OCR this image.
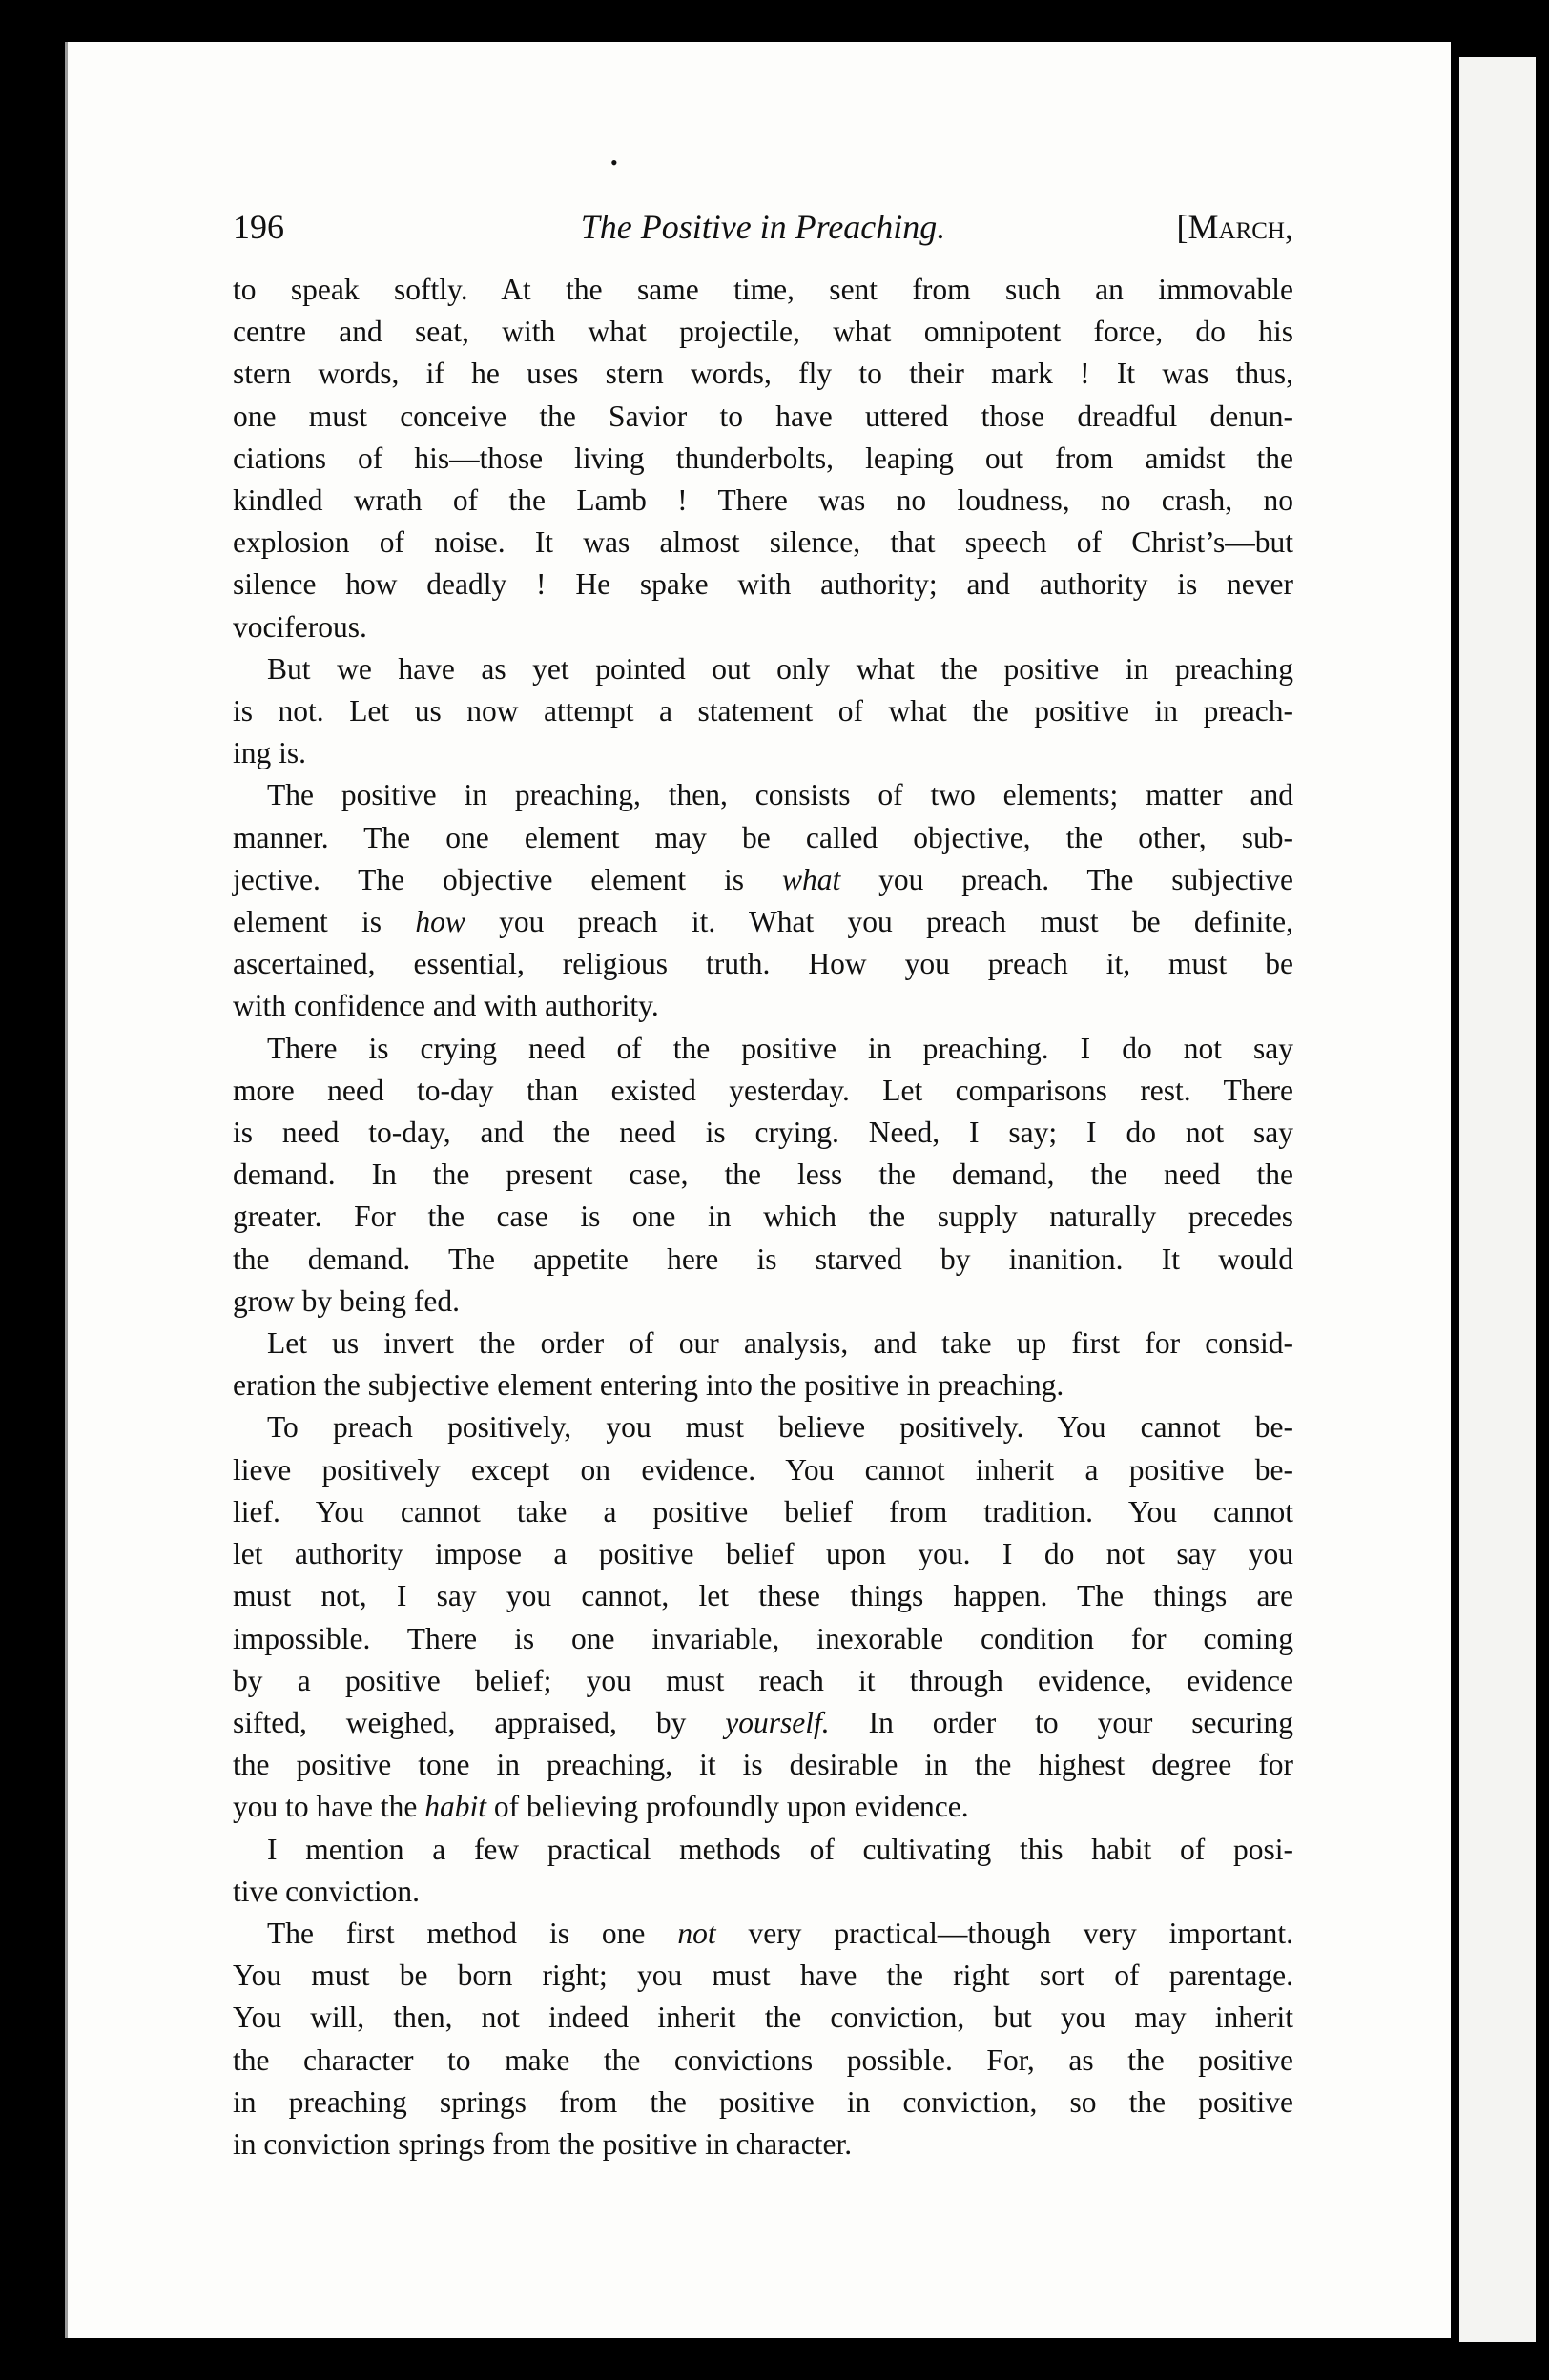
•
196	The Positive in Preaching.	[March,

to speak softly. At the same time, sent from such an immovable

centre and seat, with what projectile, what omnipotent force, do his

stern words, if he uses stern words, fly to their mark ! It was thus,

one must conceive the Savior to have uttered those dreadful denun-

ciations of his—those living thunderbolts, leaping out from amidst the

kindled wrath of the Lamb ! There was no loudness, no crash, no

explosion of noise. It was almost silence, that speech of Christ’s—but

silence how deadly ! He spake with authority; and authority is never

vociferous.

But we have as yet pointed out only what the positive in preaching

is not. Let us now attempt a statement of what the positive in preach-

ing is.

The positive in preaching, then, consists of two elements; matter and

manner. The one element may be called objective, the other, sub-

jective. The objective element is what you preach. The subjective

element is how you preach it. What you preach must be definite,

ascertained, essential, religious truth. How you preach it, must be

with confidence and with authority.

There is crying need of the positive in preaching. I do not say

more need to-day than existed yesterday. Let comparisons rest. There

is need to-day, and the need is crying. Need, I say; I do not say

demand. In the present case, the less the demand, the need the

greater. For the case is one in which the supply naturally precedes

the demand. The appetite here is starved by inanition. It would

grow by being fed.

Let us invert the order of our analysis, and take up first for consid-

eration the subjective element entering into the positive in preaching.

To preach positively, you must believe positively. You cannot be-

lieve positively except on evidence. You cannot inherit a positive be-

lief. You cannot take a positive belief from tradition. You cannot

let authority impose a positive belief upon you. I do not say you

must not, I say you cannot, let these things happen. The things are

impossible. There is one invariable, inexorable condition for coming

by a positive belief; you must reach it through evidence, evidence

sifted, weighed, appraised, by yourself. In order to your securing

the positive tone in preaching, it is desirable in the highest degree for

you to have the habit of believing profoundly upon evidence.

I mention a few practical methods of cultivating this habit of posi-

tive conviction.

The first method is one not very practical—though very important.

You must be born right; you must have the right sort of parentage.

You will, then, not indeed inherit the conviction, but you may inherit

the character to make the convictions possible. For, as the positive

in preaching springs from the positive in conviction, so the positive

in conviction springs from the positive in character.
